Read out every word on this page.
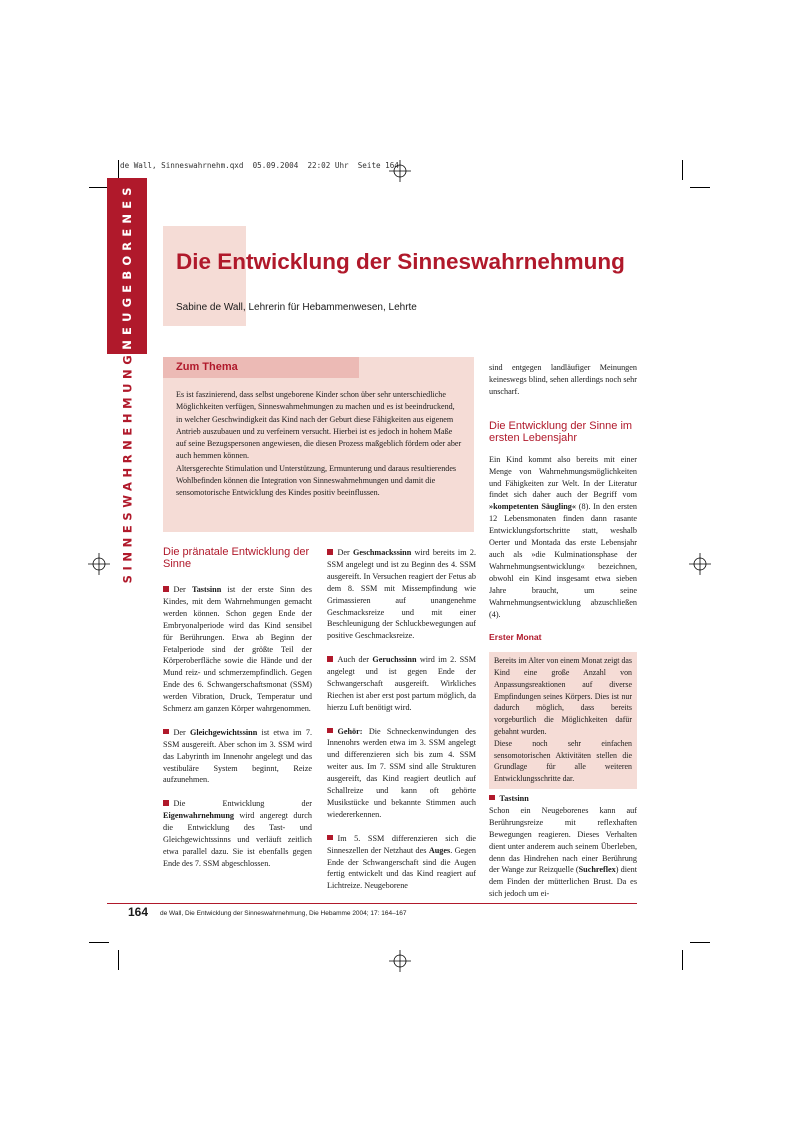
de Wall, Sinneswahrnehm.qxd  05.09.2004  22:02 Uhr  Seite 164
NEUGEBORENES
SINNESWAHRNEHMUNG
Die Entwicklung der Sinneswahrnehmung
Sabine de Wall, Lehrerin für Hebammenwesen, Lehrte
Zum Thema
Es ist faszinierend, dass selbst ungeborene Kinder schon über sehr unterschiedliche Möglichkeiten verfügen, Sinneswahrnehmungen zu machen und es ist beeindruckend, in welcher Geschwindigkeit das Kind nach der Geburt diese Fähigkeiten aus eigenem Antrieb auszubauen und zu verfeinern versucht. Hierbei ist es jedoch in hohem Maße auf seine Bezugspersonen angewiesen, die diesen Prozess maßgeblich fördern oder aber auch hemmen können.
Altersgerechte Stimulation und Unterstützung, Ermunterung und daraus resultierendes Wohlbefinden können die Integration von Sinneswahrnehmungen und damit die sensomotorische Entwicklung des Kindes positiv beeinflussen.
Die pränatale Entwicklung der Sinne

Der Tastsinn ist der erste Sinn des Kindes, mit dem Wahrnehmungen gemacht werden können. Schon gegen Ende der Embryonalperiode wird das Kind sensibel für Berührungen. Etwa ab Beginn der Fetalperiode sind der größte Teil der Körperoberfläche sowie die Hände und der Mund reiz- und schmerzempfindlich. Gegen Ende des 6. Schwangerschaftsmonat (SSM) werden Vibration, Druck, Temperatur und Schmerz am ganzen Körper wahrgenommen.

Der Gleichgewichtssinn ist etwa im 7. SSM ausgereift. Aber schon im 3. SSM wird das Labyrinth im Innenohr angelegt und das vestibuläre System beginnt, Reize aufzunehmen.

Die Entwicklung der Eigenwahrnehmung wird angeregt durch die Entwicklung des Tast- und Gleichgewichtssinns und verläuft zeitlich etwa parallel dazu. Sie ist ebenfalls gegen Ende des 7. SSM abgeschlossen.

Der Geschmackssinn wird bereits im 2. SSM angelegt und ist zu Beginn des 4. SSM ausgereift. In Versuchen reagiert der Fetus ab dem 8. SSM mit Missempfindung wie Grimassieren auf unangenehme Geschmacksreize und mit einer Beschleunigung der Schluckbewegungen auf positive Geschmacksreize.

Auch der Geruchssinn wird im 2. SSM angelegt und ist gegen Ende der Schwangerschaft ausgereift. Wirkliches Riechen ist aber erst post partum möglich, da hierzu Luft benötigt wird.

Gehör: Die Schneckenwindungen des Innenohrs werden etwa im 3. SSM angelegt und differenzieren sich bis zum 4. SSM weiter aus. Im 7. SSM sind alle Strukturen ausgereift, das Kind reagiert deutlich auf Schallreize und kann oft gehörte Musikstücke und bekannte Stimmen auch wiedererkennen.

Im 5. SSM differenzieren sich die Sinneszellen der Netzhaut des Auges. Gegen Ende der Schwangerschaft sind die Augen fertig entwickelt und das Kind reagiert auf Lichtreize. Neugeborene

sind entgegen landläufiger Meinungen keineswegs blind, sehen allerdings noch sehr unscharf.

Die Entwicklung der Sinne im ersten Lebensjahr

Ein Kind kommt also bereits mit einer Menge von Wahrnehmungsmöglichkeiten und Fähigkeiten zur Welt. In der Literatur findet sich daher auch der Begriff vom »kompetenten Säugling« (8). In den ersten 12 Lebensmonaten finden dann rasante Entwicklungsfortschritte statt, weshalb Oerter und Montada das erste Lebensjahr auch als »die Kulminationsphase der Wahrnehmungsentwicklung« bezeichnen, obwohl ein Kind insgesamt etwa sieben Jahre braucht, um seine Wahrnehmungsentwicklung abzuschließen (4).

Erster Monat

Bereits im Alter von einem Monat zeigt das Kind eine große Anzahl von Anpassungsreaktionen auf diverse Empfindungen seines Körpers. Dies ist nur dadurch möglich, dass bereits vorgeburtlich die Möglichkeiten dafür gebahnt wurden.

Diese noch sehr einfachen sensomotorischen Aktivitäten stellen die Grundlage für alle weiteren Entwicklungsschritte dar.

Tastsinn
Schon ein Neugeborenes kann auf Berührungsreize mit reflexhaften Bewegungen reagieren. Dieses Verhalten dient unter anderem auch seinem Überleben, denn das Hindrehen nach einer Berührung der Wange zur Reizquelle (Suchreflex) dient dem Finden der mütterlichen Brust. Da es sich jedoch um ei-
164 de Wall, Die Entwicklung der Sinneswahrnehmung, Die Hebamme 2004; 17: 164–167
